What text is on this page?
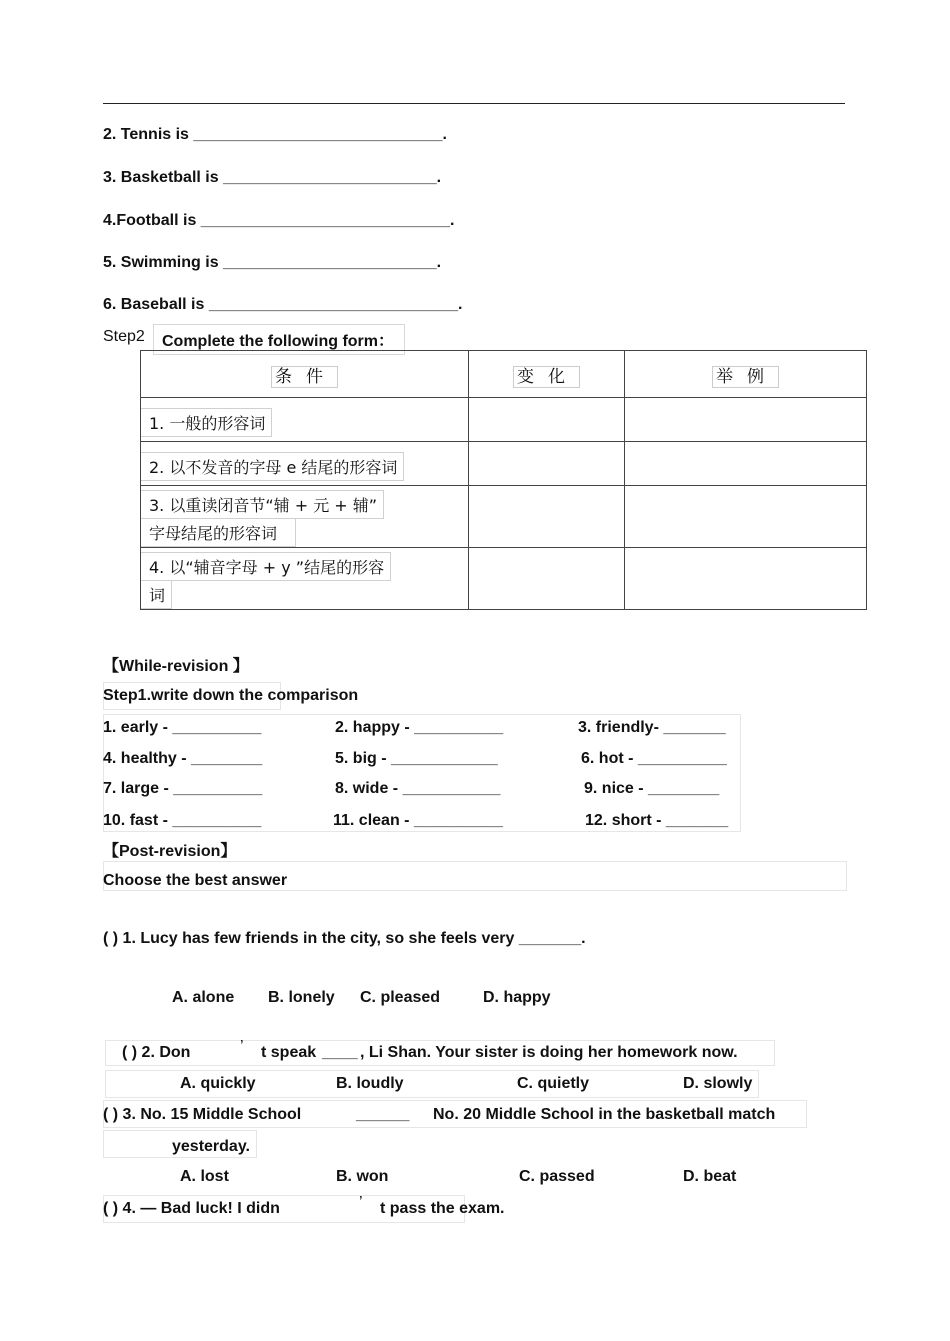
2. Tennis is ____________________________.
3. Basketball is ________________________.
4.Football is ____________________________.
5. Swimming is ________________________.
6. Baseball is ____________________________.
Step2	Complete the following form：
条件	变化	举例
1. 一般的形容词		
2. 以不发音的字母 e 结尾的形容词		
3. 以重读闭音节“辅 + 元 + 辅”
字母结尾的形容词		
4. 以“辅音字母 + y ”结尾的形容
词		
【While-revision 】
Step1.write down the comparison
1. early - __________	2. happy - __________	3. friendly- _______
4. healthy - ________	5. big - ____________	6. hot - __________
7. large - __________	8. wide - ___________	9. nice - ________
10. fast - __________	11. clean - __________	12. short - _______
【Post-revision】
Choose the best answer
( ) 1. Lucy has few friends in the city, so she feels very _______.
A. alone B. lonely C. pleased	D. happy
( ) 2. Don	’ t speak ____ , Li Shan. Your sister is doing her homework now.
A. quickly	B. loudly	C. quietly	D. slowly
( ) 3. No. 15 Middle School	______ No. 20 Middle School in the basketball match
yesterday.
A. lost	B. won	C. passed	D. beat
( ) 4. — Bad luck! I didn	’ t pass the exam.
